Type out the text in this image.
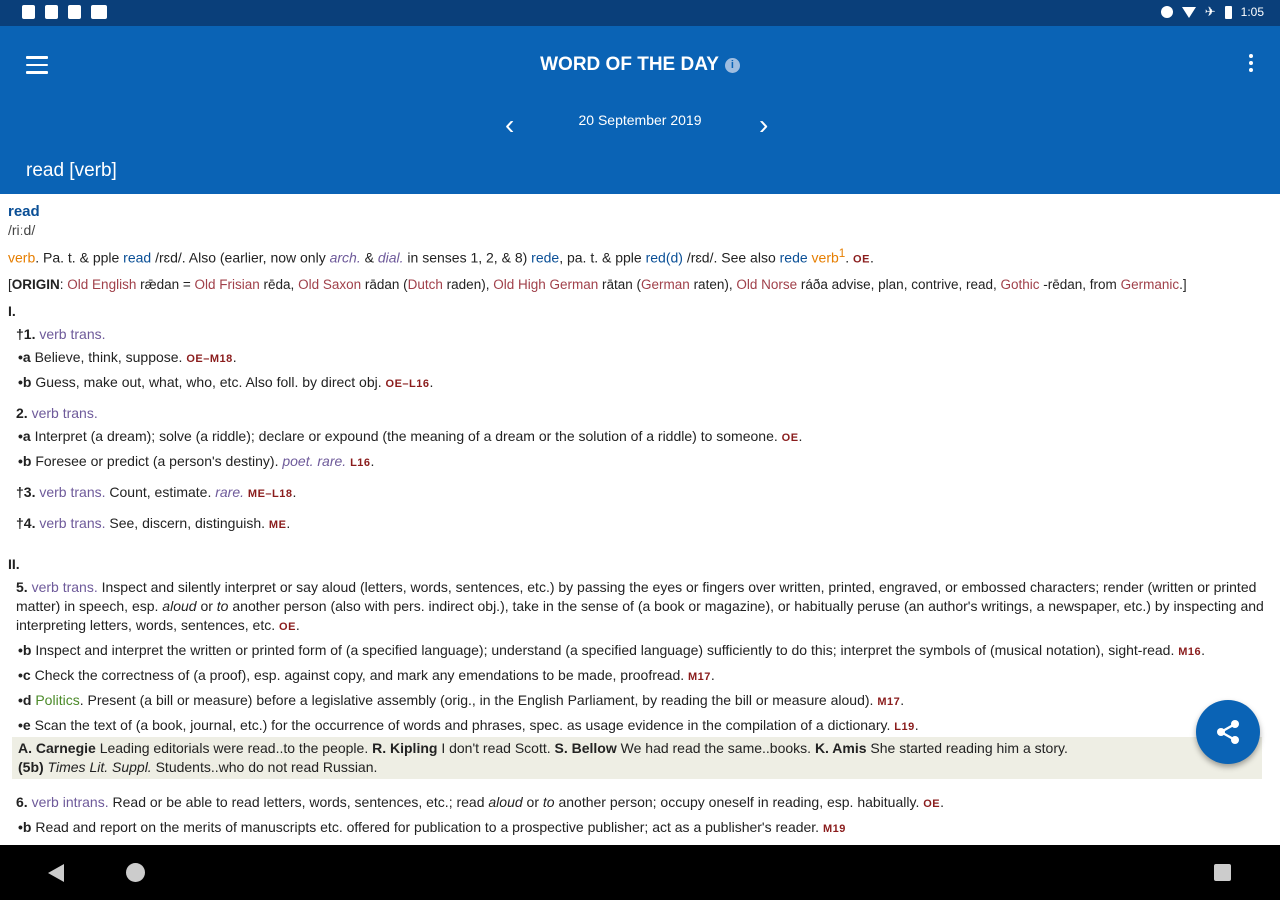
✈ 1:05
WORD OF THE DAY i
‹	20 September 2019	›
read [verb]
read
/riːd/
verb. Pa. t. & pple read /rɛd/. Also (earlier, now only arch. & dial. in senses 1, 2, & 8) rede, pa. t. & pple red(d) /rɛd/. See also rede verb$^1$. OE.
[ORIGIN: Old English rǣdan = Old Frisian rēda, Old Saxon rādan (Dutch raden), Old High German rātan (German raten), Old Norse ráða advise, plan, contrive, read, Gothic -rēdan, from Germanic.]
I.
†1. verb trans.
•a Believe, think, suppose. OE–M18.
•b Guess, make out, what, who, etc. Also foll. by direct obj. OE–L16.
2. verb trans.
•a Interpret (a dream); solve (a riddle); declare or expound (the meaning of a dream or the solution of a riddle) to someone. OE.
•b Foresee or predict (a person's destiny). poet. rare. L16.
†3. verb trans. Count, estimate. rare. ME–L18.
†4. verb trans. See, discern, distinguish. ME.
II.
5. verb trans. Inspect and silently interpret or say aloud (letters, words, sentences, etc.) by passing the eyes or fingers over written, printed, engraved, or embossed characters; render (written or printed matter) in speech, esp. aloud or to another person (also with pers. indirect obj.), take in the sense of (a book or magazine), or habitually peruse (an author's writings, a newspaper, etc.) by inspecting and interpreting letters, words, sentences, etc. OE.
•b Inspect and interpret the written or printed form of (a specified language); understand (a specified language) sufficiently to do this; interpret the symbols of (musical notation), sight-read. M16.
•c Check the correctness of (a proof), esp. against copy, and mark any emendations to be made, proofread. M17.
•d Politics. Present (a bill or measure) before a legislative assembly (orig., in the English Parliament, by reading the bill or measure aloud). M17.
•e Scan the text of (a book, journal, etc.) for the occurrence of words and phrases, spec. as usage evidence in the compilation of a dictionary. L19.
A. Carnegie Leading editorials were read..to the people. R. Kipling I don't read Scott. S. Bellow We had read the same..books. K. Amis She started reading him a story.
(5b) Times Lit. Suppl. Students..who do not read Russian.
6. verb intrans. Read or be able to read letters, words, sentences, etc.; read aloud or to another person; occupy oneself in reading, esp. habitually. OE.
•b Read and report on the merits of manuscripts etc. offered for publication to a prospective publisher; act as a publisher's reader. M19
